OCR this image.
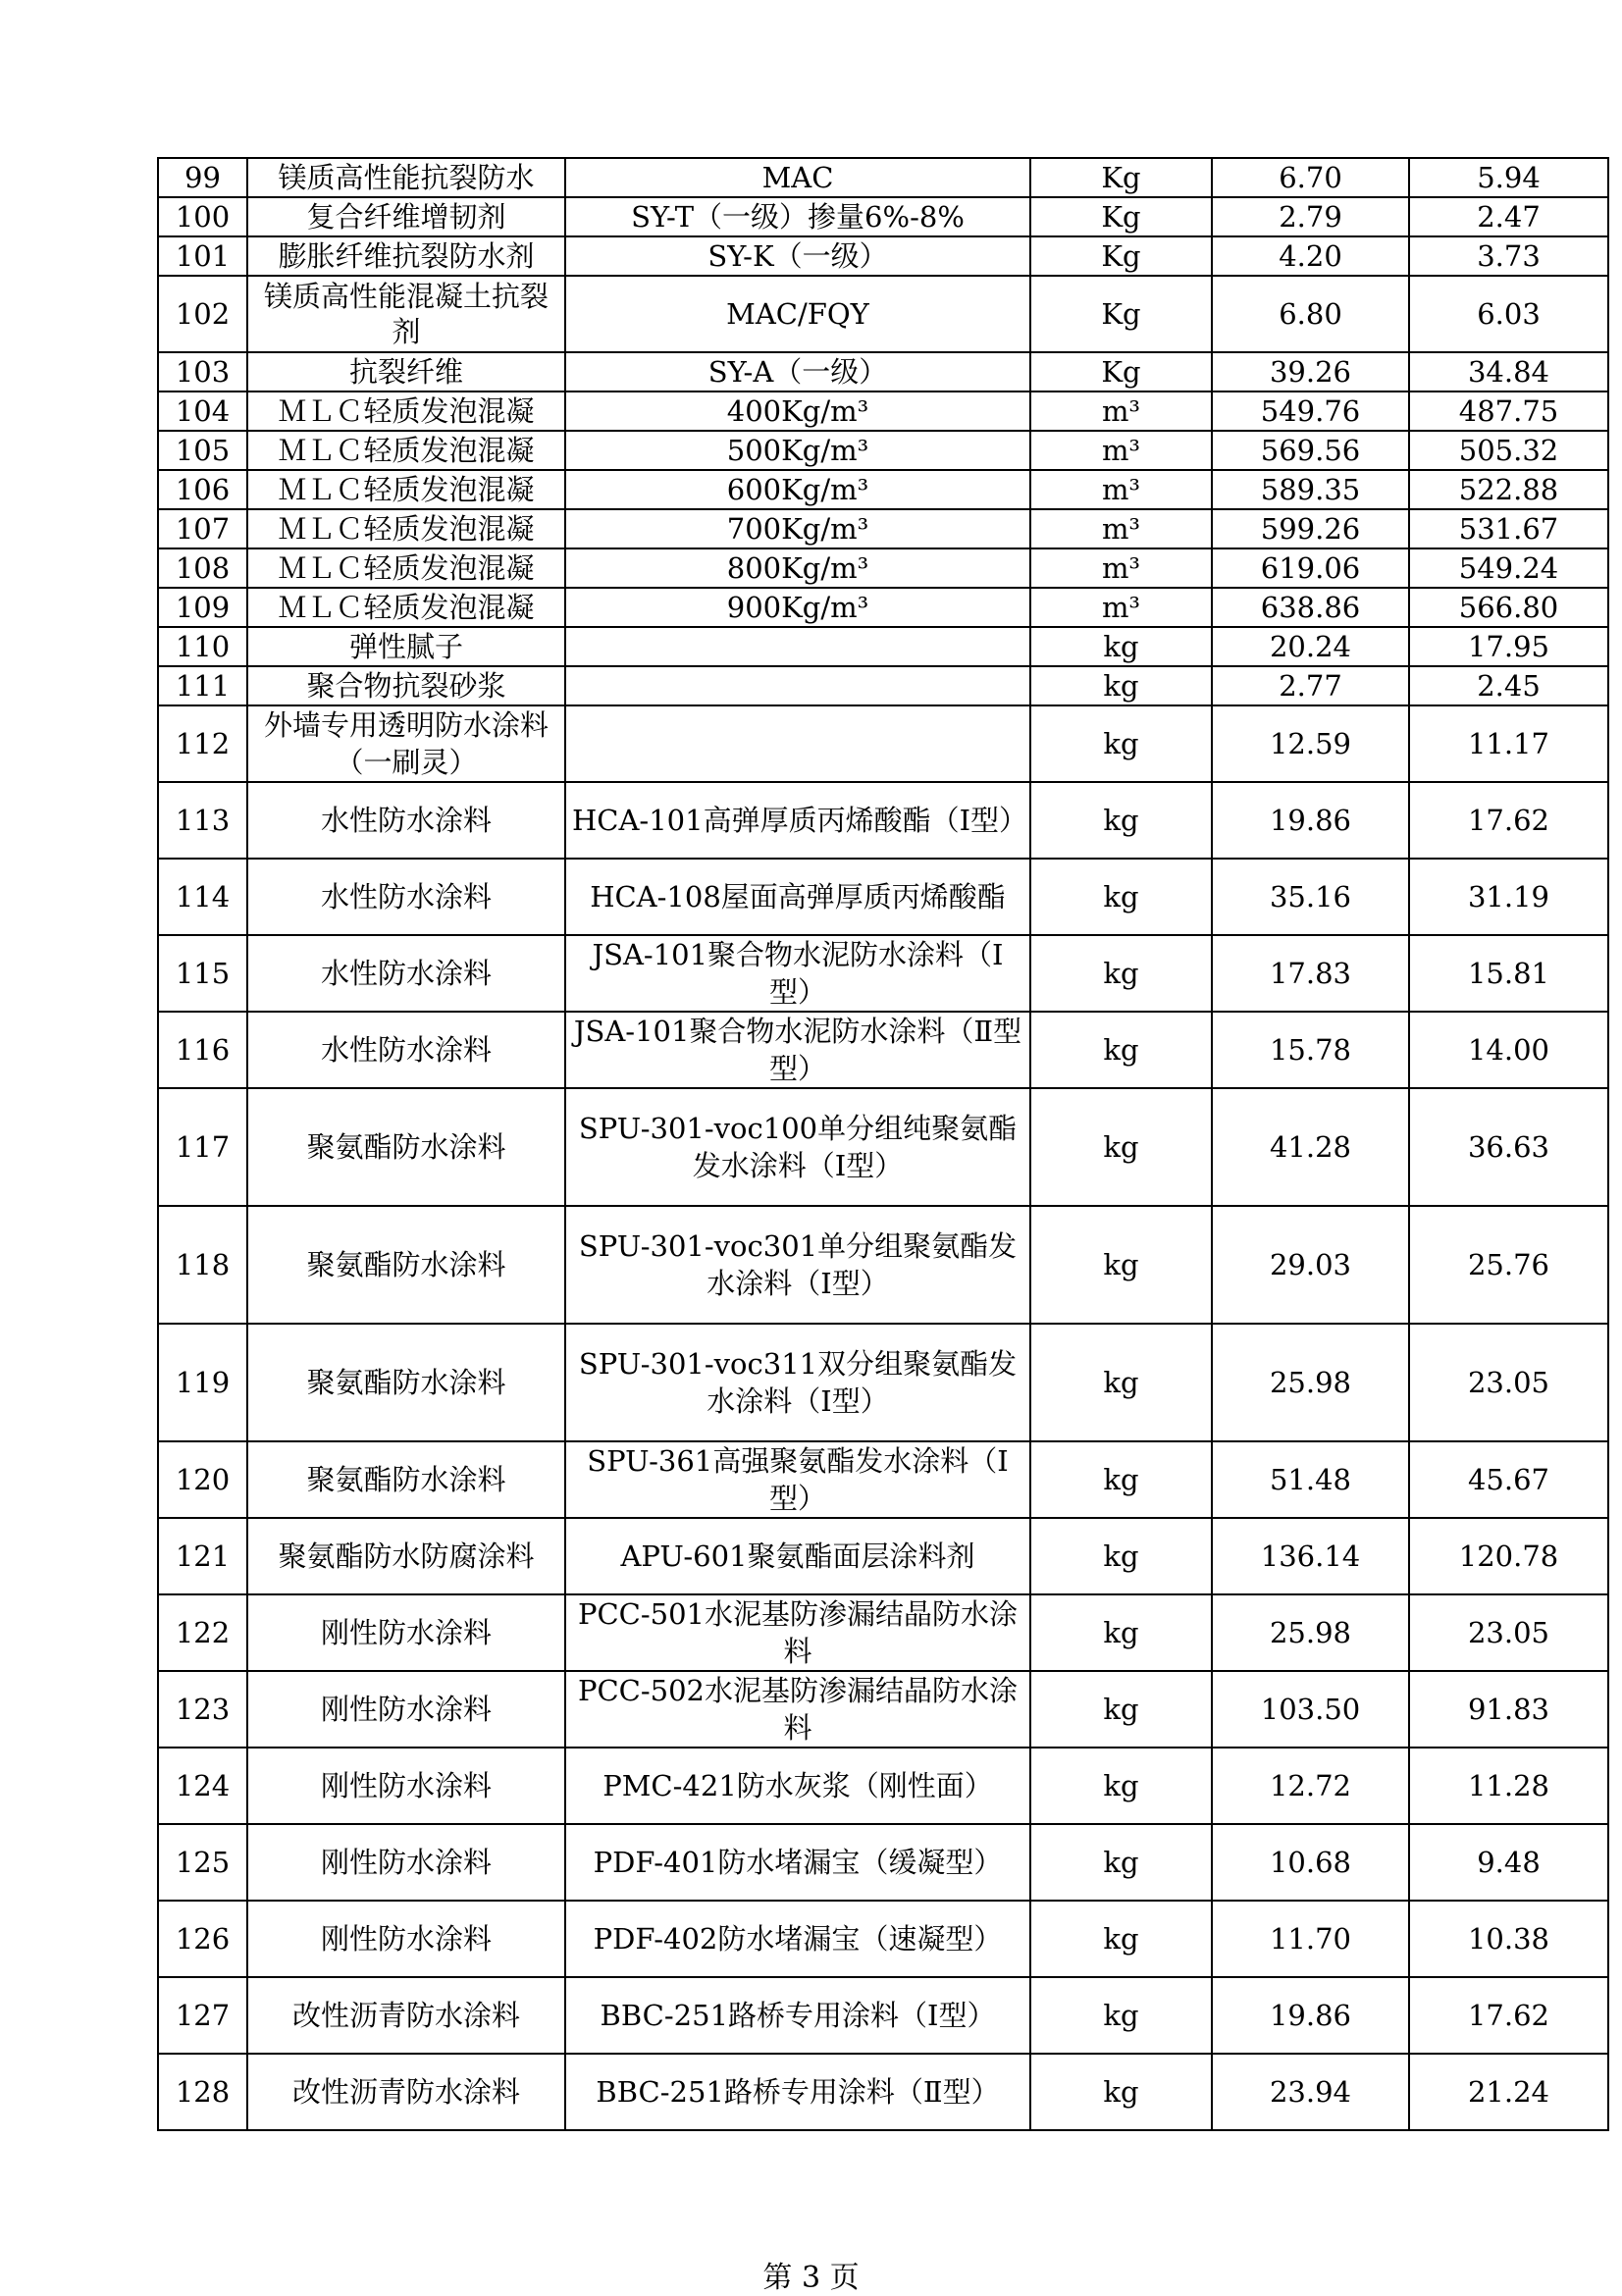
99	镁质高性能抗裂防水	MAC	Kg	6.70	5.94
100	复合纤维增韧剂	SY-T（一级）掺量6%-8%	Kg	2.79	2.47
101	膨胀纤维抗裂防水剂	SY-K（一级）	Kg	4.20	3.73
102	镁质高性能混凝土抗裂剂	MAC/FQY	Kg	6.80	6.03
103	抗裂纤维	SY-A（一级）	Kg	39.26	34.84
104	ＭＬＣ轻质发泡混凝	400Kg/m³	m³	549.76	487.75
105	ＭＬＣ轻质发泡混凝	500Kg/m³	m³	569.56	505.32
106	ＭＬＣ轻质发泡混凝	600Kg/m³	m³	589.35	522.88
107	ＭＬＣ轻质发泡混凝	700Kg/m³	m³	599.26	531.67
108	ＭＬＣ轻质发泡混凝	800Kg/m³	m³	619.06	549.24
109	ＭＬＣ轻质发泡混凝	900Kg/m³	m³	638.86	566.80
110	弹性腻子		kg	20.24	17.95
111	聚合物抗裂砂浆		kg	2.77	2.45
112	外墙专用透明防水涂料（一刷灵）		kg	12.59	11.17
113	水性防水涂料	HCA-101高弹厚质丙烯酸酯（Ⅰ型）	kg	19.86	17.62
114	水性防水涂料	HCA-108屋面高弹厚质丙烯酸酯	kg	35.16	31.19
115	水性防水涂料	JSA-101聚合物水泥防水涂料（Ⅰ型）	kg	17.83	15.81
116	水性防水涂料	JSA-101聚合物水泥防水涂料（Ⅱ型型）	kg	15.78	14.00
117	聚氨酯防水涂料	SPU-301-voc100单分组纯聚氨酯发水涂料（Ⅰ型）	kg	41.28	36.63
118	聚氨酯防水涂料	SPU-301-voc301单分组聚氨酯发水涂料（Ⅰ型）	kg	29.03	25.76
119	聚氨酯防水涂料	SPU-301-voc311双分组聚氨酯发水涂料（Ⅰ型）	kg	25.98	23.05
120	聚氨酯防水涂料	SPU-361高强聚氨酯发水涂料（Ⅰ型）	kg	51.48	45.67
121	聚氨酯防水防腐涂料	APU-601聚氨酯面层涂料剂	kg	136.14	120.78
122	刚性防水涂料	PCC-501水泥基防渗漏结晶防水涂料	kg	25.98	23.05
123	刚性防水涂料	PCC-502水泥基防渗漏结晶防水涂料	kg	103.50	91.83
124	刚性防水涂料	PMC-421防水灰浆（刚性面）	kg	12.72	11.28
125	刚性防水涂料	PDF-401防水堵漏宝（缓凝型）	kg	10.68	9.48
126	刚性防水涂料	PDF-402防水堵漏宝（速凝型）	kg	11.70	10.38
127	改性沥青防水涂料	BBC-251路桥专用涂料（Ⅰ型）	kg	19.86	17.62
128	改性沥青防水涂料	BBC-251路桥专用涂料（Ⅱ型）	kg	23.94	21.24
第 3 页
